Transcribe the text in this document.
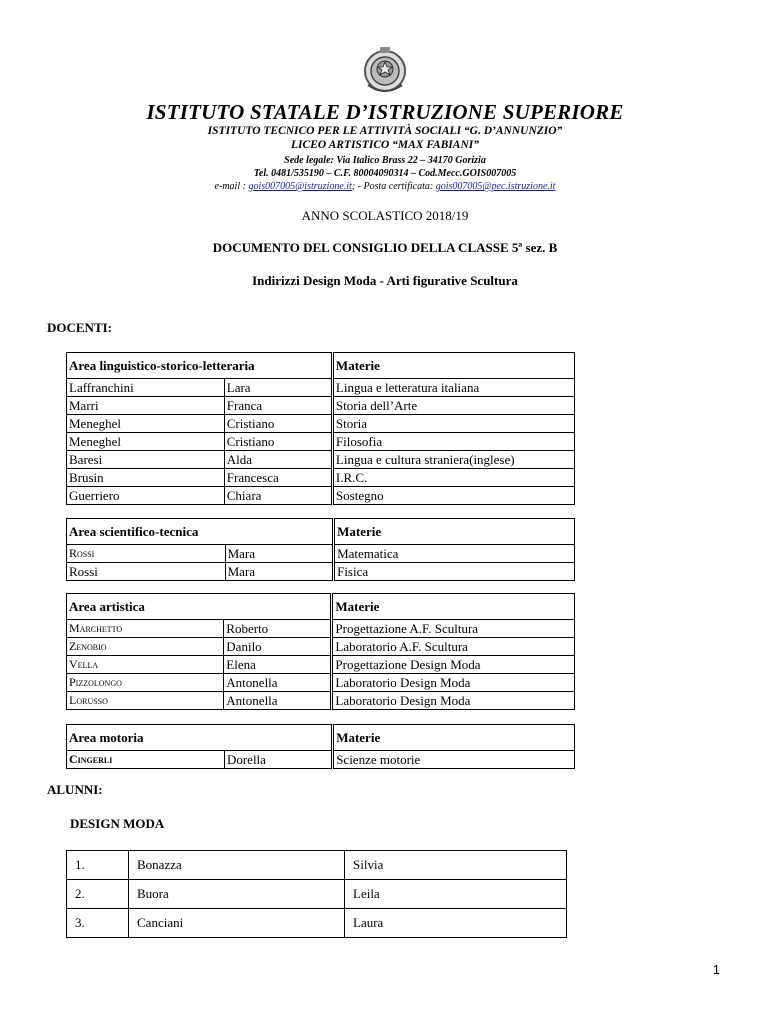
ISTITUTO STATALE D’ISTRUZIONE SUPERIORE
ISTITUTO TECNICO PER LE ATTIVITÀ SOCIALI “G. D’ANNUNZIO”
LICEO ARTISTICO “MAX FABIANI”
Sede legale: Via Italico Brass 22 – 34170 Gorizia
Tel. 0481/535190 – C.F. 80004090314 – Cod.Mecc.GOIS007005
e-mail : gois007005@istruzione.it; - Posta certificata: gois007005@pec.istruzione.it
ANNO SCOLASTICO 2018/19
DOCUMENTO DEL CONSIGLIO DELLA CLASSE 5ª sez. B
Indirizzi Design Moda - Arti figurative Scultura
DOCENTI:
Area linguistico-storico-letteraria		Materie
Laffranchini	Lara	Lingua e letteratura italiana
Marri	Franca	Storia dell’Arte
Meneghel	Cristiano	Storia
Meneghel	Cristiano	Filosofia
Baresi	Alda	Lingua e cultura straniera(inglese)
Brusin	Francesca	I.R.C.
Guerriero	Chiara	Sostegno
Area scientifico-tecnica		Materie
Rossi	Mara	Matematica
Rossi	Mara	Fisica
Area artistica		Materie
Marchetto	Roberto	Progettazione A.F. Scultura
Zenobio	Danilo	Laboratorio A.F. Scultura
Vella	Elena	Progettazione Design Moda
Pizzolongo	Antonella	Laboratorio Design Moda
Lorusso	Antonella	Laboratorio Design Moda
Area motoria		Materie
Cingerli	Dorella	Scienze motorie
ALUNNI:
DESIGN MODA
1.	Bonazza	Silvia
2.	Buora	Leila
3.	Canciani	Laura
1
